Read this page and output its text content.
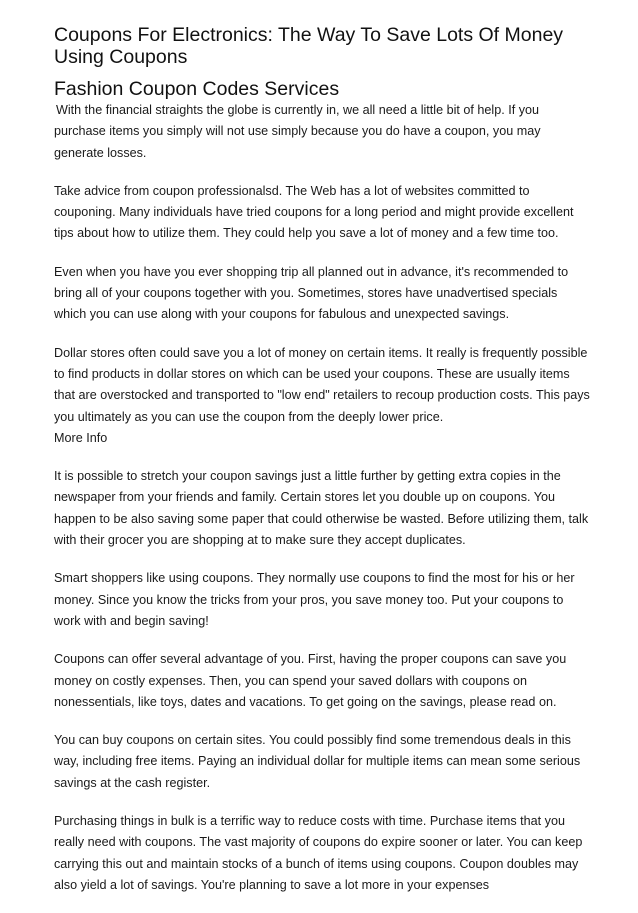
Coupons For Electronics: The Way To Save Lots Of Money Using Coupons
Fashion Coupon Codes Services

With the financial straights the globe is currently in, we all need a little bit of help. If you purchase items you simply will not use simply because you do have a coupon, you may generate losses.

Take advice from coupon professionalsd. The Web has a lot of websites committed to couponing. Many individuals have tried coupons for a long period and might provide excellent tips about how to utilize them. They could help you save a lot of money and a few time too.

Even when you have you ever shopping trip all planned out in advance, it's recommended to bring all of your coupons together with you. Sometimes, stores have unadvertised specials which you can use along with your coupons for fabulous and unexpected savings.

Dollar stores often could save you a lot of money on certain items. It really is frequently possible to find products in dollar stores on which can be used your coupons. These are usually items that are overstocked and transported to "low end" retailers to recoup production costs. This pays you ultimately as you can use the coupon from the deeply lower price.
More Info

It is possible to stretch your coupon savings just a little further by getting extra copies in the newspaper from your friends and family. Certain stores let you double up on coupons. You happen to be also saving some paper that could otherwise be wasted. Before utilizing them, talk with their grocer you are shopping at to make sure they accept duplicates.

Smart shoppers like using coupons. They normally use coupons to find the most for his or her money. Since you know the tricks from your pros, you save money too. Put your coupons to work with and begin saving!

Coupons can offer several advantage of you. First, having the proper coupons can save you money on costly expenses. Then, you can spend your saved dollars with coupons on nonessentials, like toys, dates and vacations. To get going on the savings, please read on.

You can buy coupons on certain sites. You could possibly find some tremendous deals in this way, including free items. Paying an individual dollar for multiple items can mean some serious savings at the cash register.

Purchasing things in bulk is a terrific way to reduce costs with time. Purchase items that you really need with coupons. The vast majority of coupons do expire sooner or later. You can keep carrying this out and maintain stocks of a bunch of items using coupons. Coupon doubles may also yield a lot of savings. You're planning to save a lot more in your expenses
